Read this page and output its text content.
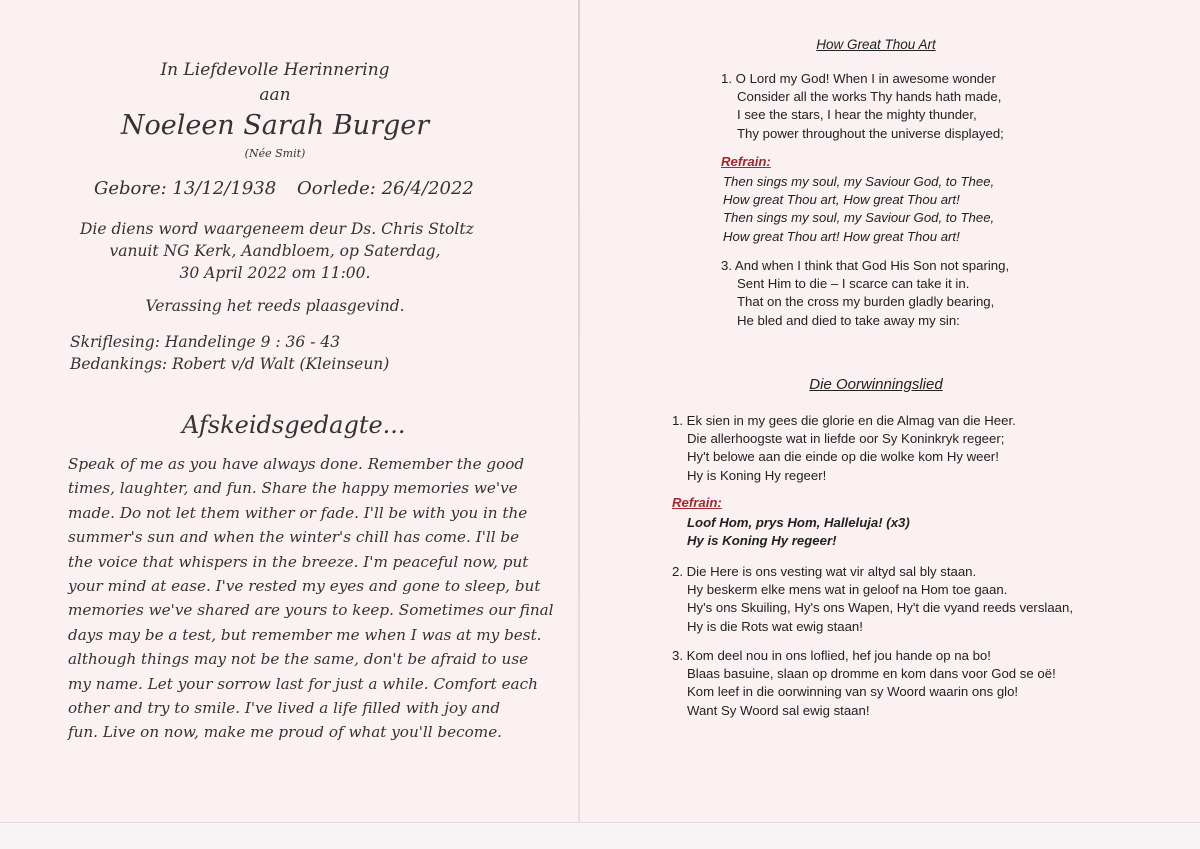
In Liefdevolle Herinnering
aan
Noeleen Sarah Burger
(Née Smit)
Gebore: 13/12/1938 Oorlede: 26/4/2022
Die diens word waargeneem deur Ds. Chris Stoltz
vanuit NG Kerk, Aandbloem, op Saterdag,
30 April 2022 om 11:00.
Verassing het reeds plaasgevind.
Skriflesing: Handelinge 9 : 36 - 43
Bedankings: Robert v/d Walt (Kleinseun)
Afskeidsgedagte...
Speak of me as you have always done. Remember the good
times, laughter, and fun. Share the happy memories we've
made. Do not let them wither or fade. I'll be with you in the
summer's sun and when the winter's chill has come. I'll be
the voice that whispers in the breeze. I'm peaceful now, put
your mind at ease. I've rested my eyes and gone to sleep, but
memories we've shared are yours to keep. Sometimes our final
days may be a test, but remember me when I was at my best.
although things may not be the same, don't be afraid to use
my name. Let your sorrow last for just a while. Comfort each
other and try to smile. I've lived a life filled with joy and
fun. Live on now, make me proud of what you'll become.
How Great Thou Art
1. O Lord my God! When I in awesome wonder
Consider all the works Thy hands hath made,
I see the stars, I hear the mighty thunder,
Thy power throughout the universe displayed;
Refrain:
Then sings my soul, my Saviour God, to Thee,
How great Thou art, How great Thou art!
Then sings my soul, my Saviour God, to Thee,
How great Thou art! How great Thou art!
3. And when I think that God His Son not sparing,
Sent Him to die – I scarce can take it in.
That on the cross my burden gladly bearing,
He bled and died to take away my sin:
Die Oorwinningslied
1. Ek sien in my gees die glorie en die Almag van die Heer.
Die allerhoogste wat in liefde oor Sy Koninkryk regeer;
Hy't belowe aan die einde op die wolke kom Hy weer!
Hy is Koning Hy regeer!
Refrain:
Loof Hom, prys Hom, Halleluja! (x3)
Hy is Koning Hy regeer!
2. Die Here is ons vesting wat vir altyd sal bly staan.
Hy beskerm elke mens wat in geloof na Hom toe gaan.
Hy's ons Skuiling, Hy's ons Wapen, Hy't die vyand reeds verslaan,
Hy is die Rots wat ewig staan!
3. Kom deel nou in ons loflied, hef jou hande op na bo!
Blaas basuine, slaan op dromme en kom dans voor God se oë!
Kom leef in die oorwinning van sy Woord waarin ons glo!
Want Sy Woord sal ewig staan!
